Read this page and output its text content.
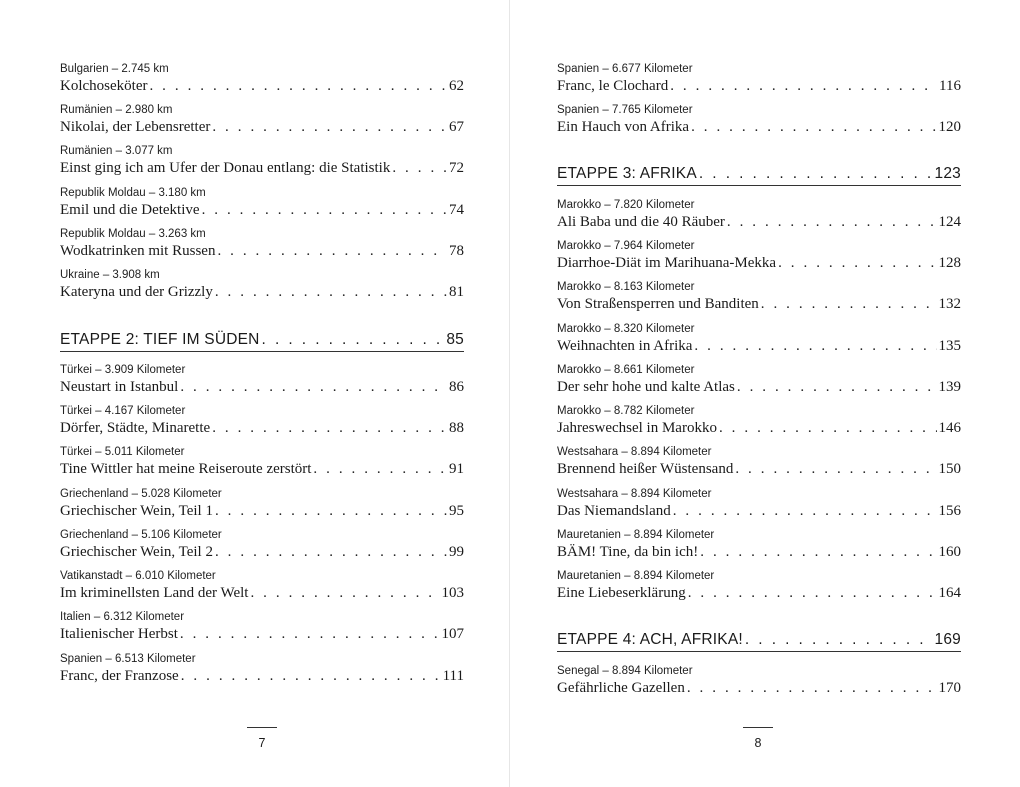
Bulgarien – 2.745 km
Kolchoseköter . . .	62
Rumänien – 2.980 km
Nikolai, der Lebensretter . . .	67
Rumänien – 3.077 km
Einst ging ich am Ufer der Donau entlang: die Statistik . . .	72
Republik Moldau – 3.180 km
Emil und die Detektive . . .	74
Republik Moldau – 3.263 km
Wodkatrinken mit Russen . . .	78
Ukraine – 3.908 km
Kateryna und der Grizzly . . .	81
ETAPPE 2: TIEF IM SÜDEN . . .	85
Türkei – 3.909 Kilometer
Neustart in Istanbul . . .	86
Türkei – 4.167 Kilometer
Dörfer, Städte, Minarette . . .	88
Türkei – 5.011 Kilometer
Tine Wittler hat meine Reiseroute zerstört . . .	91
Griechenland – 5.028 Kilometer
Griechischer Wein, Teil 1 . . .	95
Griechenland – 5.106 Kilometer
Griechischer Wein, Teil 2 . . .	99
Vatikanstadt – 6.010 Kilometer
Im kriminellsten Land der Welt . . .	103
Italien – 6.312 Kilometer
Italienischer Herbst . . .	107
Spanien – 6.513 Kilometer
Franc, der Franzose . . .	111
7
Spanien – 6.677 Kilometer
Franc, le Clochard . . .	116
Spanien – 7.765 Kilometer
Ein Hauch von Afrika . . .	120
ETAPPE 3: AFRIKA . . .	123
Marokko – 7.820 Kilometer
Ali Baba und die 40 Räuber . . .	124
Marokko – 7.964 Kilometer
Diarrhoe-Diät im Marihuana-Mekka . . .	128
Marokko – 8.163 Kilometer
Von Straßensperren und Banditen . . .	132
Marokko – 8.320 Kilometer
Weihnachten in Afrika . . .	135
Marokko – 8.661 Kilometer
Der sehr hohe und kalte Atlas . . .	139
Marokko – 8.782 Kilometer
Jahreswechsel in Marokko . . .	146
Westsahara – 8.894 Kilometer
Brennend heißer Wüstensand . . .	150
Westsahara – 8.894 Kilometer
Das Niemandsland . . .	156
Mauretanien – 8.894 Kilometer
BÄM! Tine, da bin ich! . . .	160
Mauretanien – 8.894 Kilometer
Eine Liebeserklärung . . .	164
ETAPPE 4: ACH, AFRIKA! . . .	169
Senegal – 8.894 Kilometer
Gefährliche Gazellen . . .	170
8
